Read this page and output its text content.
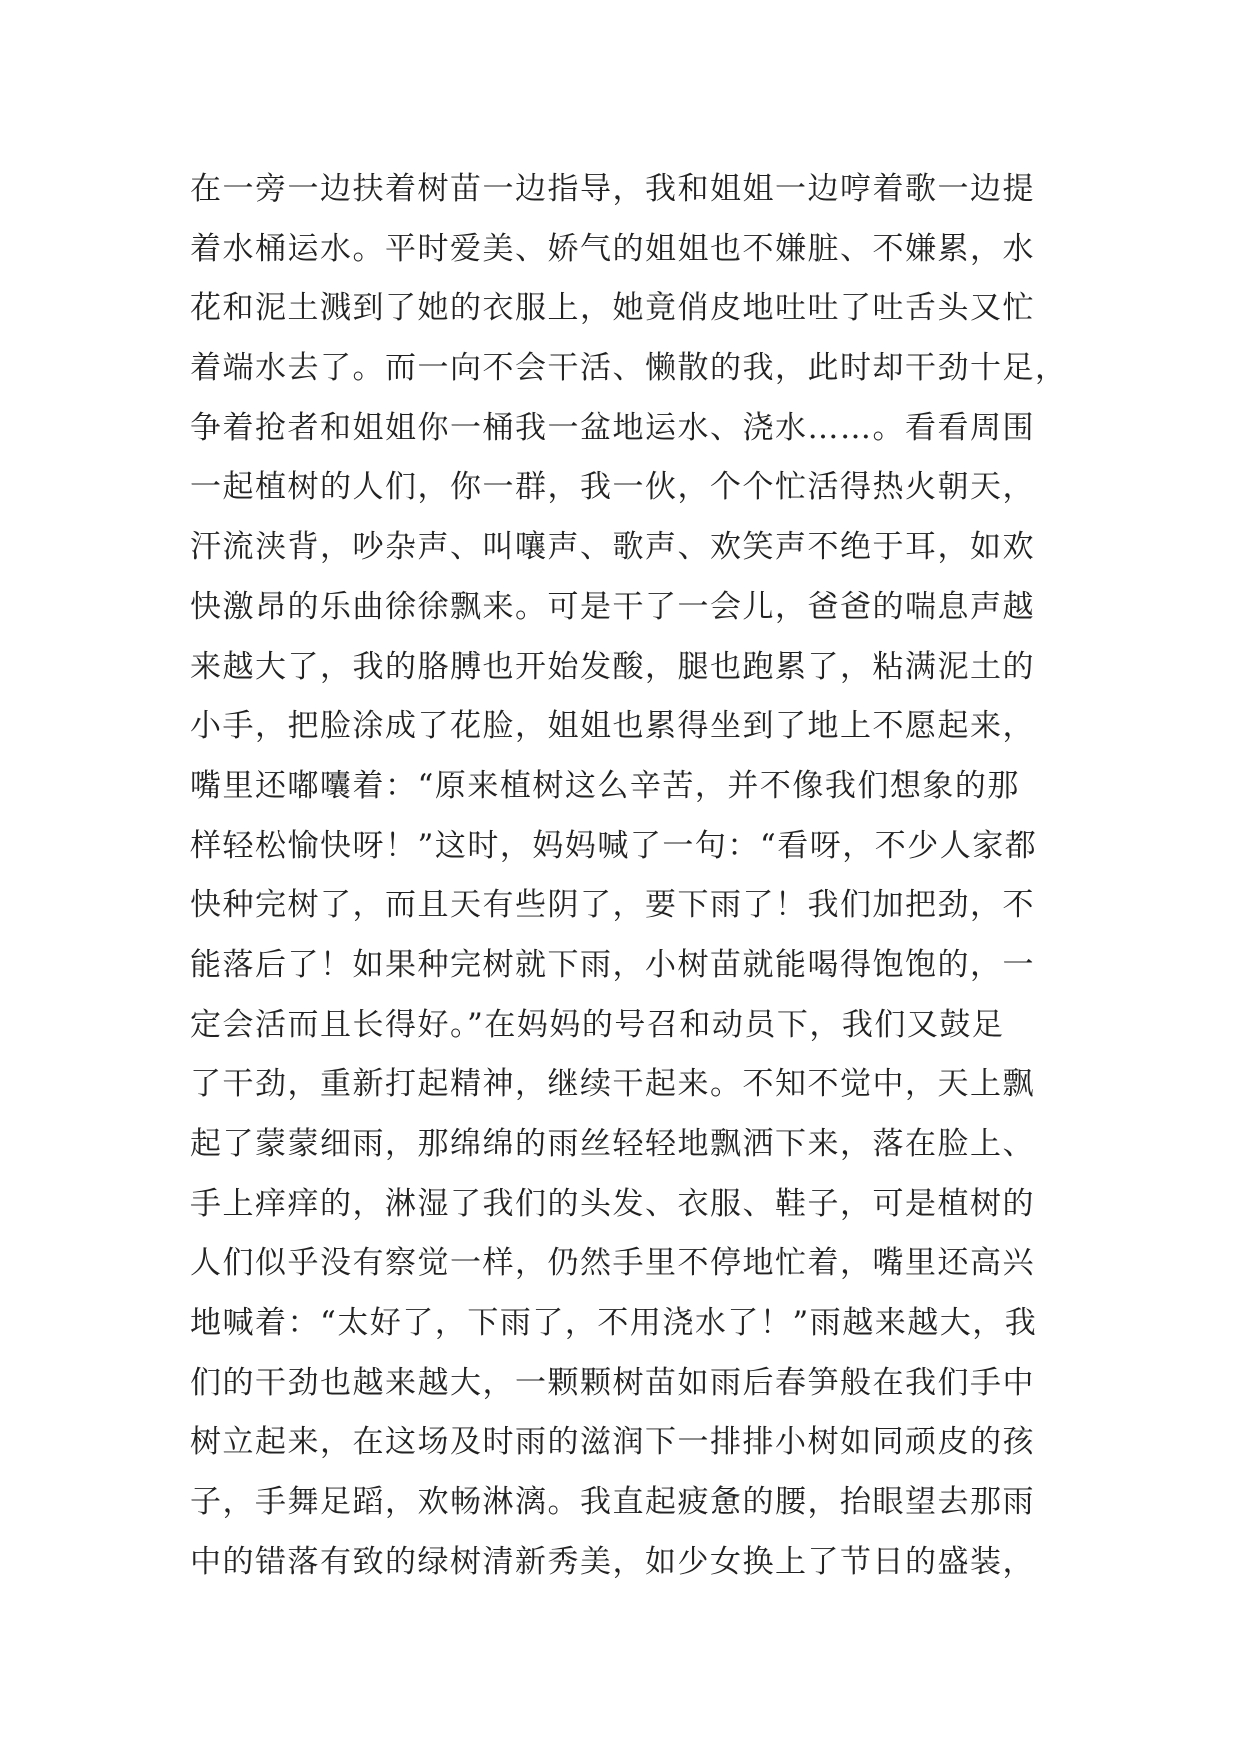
在一旁一边扶着树苗一边指导，我和姐姐一边哼着歌一边提
着水桶运水。平时爱美、娇气的姐姐也不嫌脏、不嫌累，水
花和泥土溅到了她的衣服上，她竟俏皮地吐吐了吐舌头又忙
着端水去了。而一向不会干活、懒散的我，此时却干劲十足，
争着抢者和姐姐你一桶我一盆地运水、浇水……。看看周围
一起植树的人们，你一群，我一伙，个个忙活得热火朝天，
汗流浃背，吵杂声、叫嚷声、歌声、欢笑声不绝于耳，如欢
快激昂的乐曲徐徐飘来。可是干了一会儿，爸爸的喘息声越
来越大了，我的胳膊也开始发酸，腿也跑累了，粘满泥土的
小手，把脸涂成了花脸，姐姐也累得坐到了地上不愿起来，
嘴里还嘟囔着：“原来植树这么辛苦，并不像我们想象的那
样轻松愉快呀！”这时，妈妈喊了一句：“看呀，不少人家都
快种完树了，而且天有些阴了，要下雨了！我们加把劲，不
能落后了！如果种完树就下雨，小树苗就能喝得饱饱的，一
定会活而且长得好。”在妈妈的号召和动员下，我们又鼓足
了干劲，重新打起精神，继续干起来。不知不觉中，天上飘
起了蒙蒙细雨，那绵绵的雨丝轻轻地飘洒下来，落在脸上、
手上痒痒的，淋湿了我们的头发、衣服、鞋子，可是植树的
人们似乎没有察觉一样，仍然手里不停地忙着，嘴里还高兴
地喊着：“太好了，下雨了，不用浇水了！”雨越来越大，我
们的干劲也越来越大，一颗颗树苗如雨后春笋般在我们手中
树立起来，在这场及时雨的滋润下一排排小树如同顽皮的孩
子，手舞足蹈，欢畅淋漓。我直起疲惫的腰，抬眼望去那雨
中的错落有致的绿树清新秀美，如少女换上了节日的盛装，
